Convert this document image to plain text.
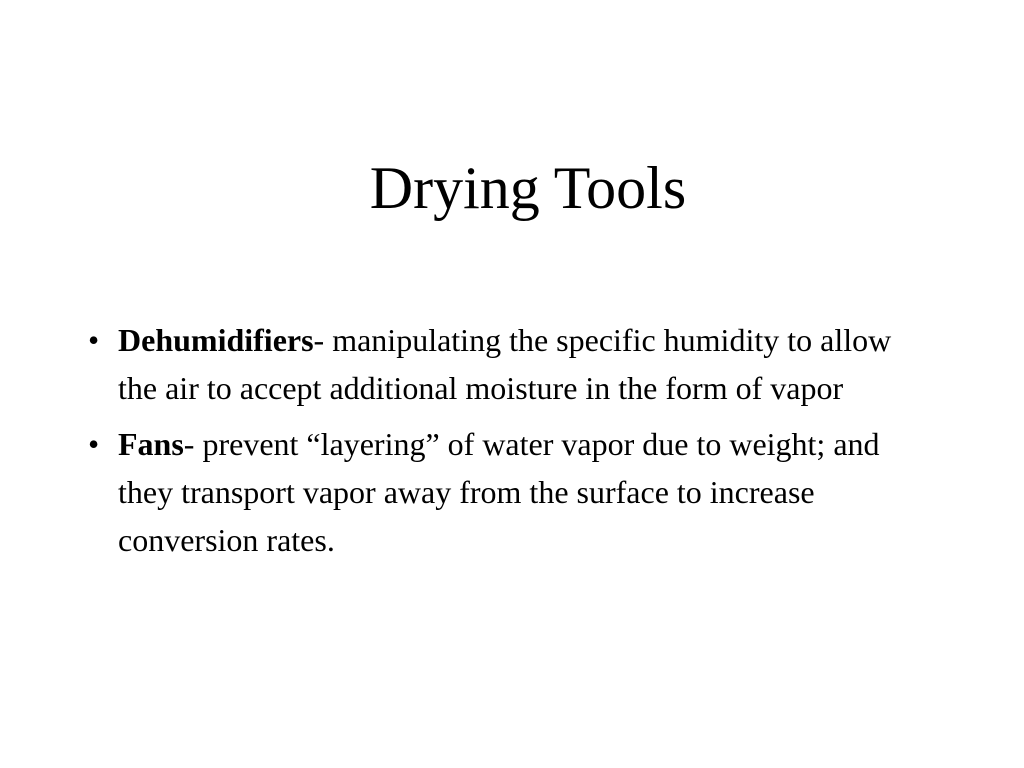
Drying Tools
• Dehumidifiers- manipulating the specific humidity to allow the air to accept additional moisture in the form of vapor
• Fans- prevent “layering” of water vapor due to weight; and they transport vapor away from the surface to increase conversion rates.
